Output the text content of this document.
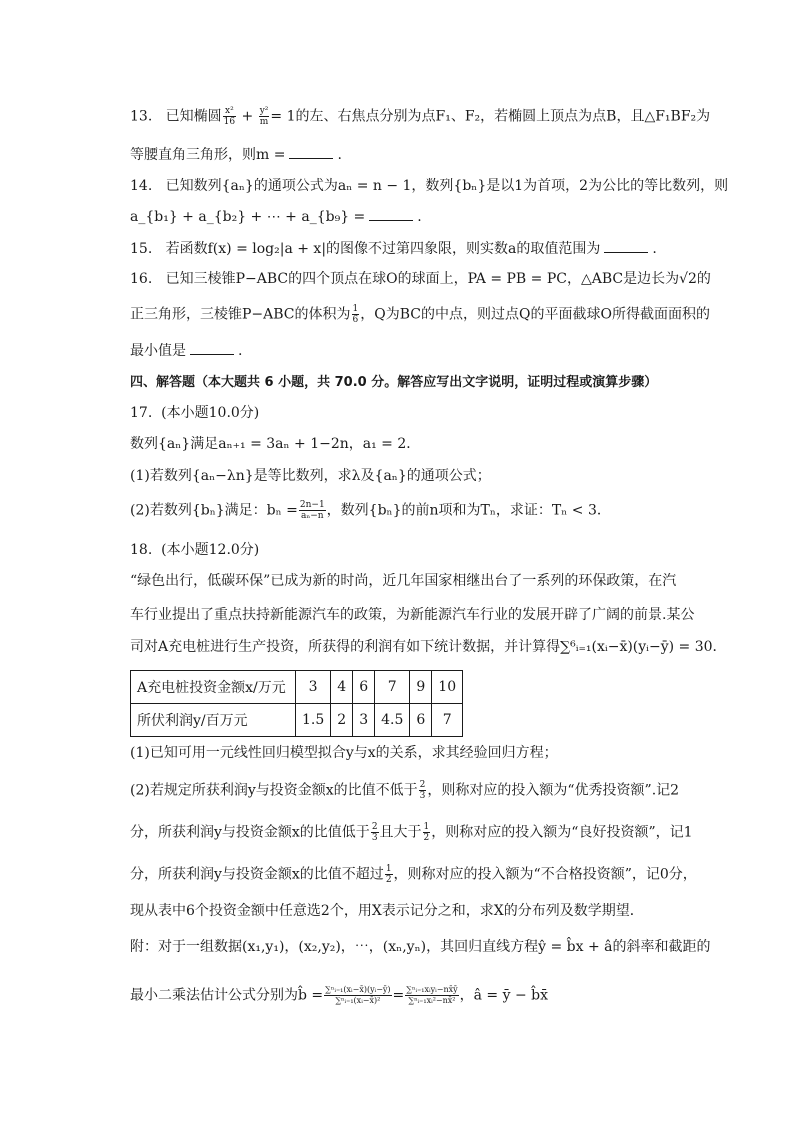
13. 已知椭圆 $\frac{\text{x²}}{16} + \frac{\text{y²}}{m} = 1$的左、右焦点分别为点F₁、F₂，若椭圆上顶点为点B，且△F₁BF₂为
等腰直角三角形，则m =	.
14. 已知数列{aₙ}的通项公式为aₙ = n − 1，数列{bₙ}是以1为首项，2为公比的等比数列，则
a_{b₁} + a_{b₂} + ⋯ + a_{b₉} =	.
15. 若函数f(x) = log₂|a + x|的图像不过第四象限，则实数a的取值范围为	.
16. 已知三棱锥P−ABC的四个顶点在球O的球面上，PA = PB = PC，△ABC是边长为√2的
正三角形，三棱锥P−ABC的体积为 $\frac{1}{6}$ ，Q为BC的中点，则过点Q的平面截球O所得截面面积的
最小值是	.
四、解答题（本大题共 6 小题，共 70.0 分。解答应写出文字说明，证明过程或演算步骤）
17. (本小题10.0分)
数列{aₙ}满足aₙ₊₁ = 3aₙ + 1−2n，a₁ = 2．
(1)若数列{aₙ−λn}是等比数列，求λ及{aₙ}的通项公式；
(2)若数列{bₙ}满足：$b_n = \frac{2n-1}{\text{aₙ−n}}$ ，数列{bₙ}的前n项和为Tₙ，求证：Tₙ < 3．
18. (本小题12.0分)
“绿色出行，低碳环保”已成为新的时尚，近几年国家相继出台了一系列的环保政策，在汽
车行业提出了重点扶持新能源汽车的政策，为新能源汽车行业的发展开辟了广阔的前景.某公
司对A充电桩进行生产投资，所获得的利润有如下统计数据，并计算得∑⁶ᵢ₌₁(xᵢ−x̄)(yᵢ−ȳ) = 30．
A充电桩投资金额x/万元	3	4	6	7	9	10
所伏利润y/百万元	1.5	2	3	4.5	6	7
(1)已知可用一元线性回归模型拟合y与x的关系，求其经验回归方程；
(2)若规定所获利润y与投资金额x的比值不低于 $\frac{2}{3}$ ，则称对应的投入额为“优秀投资额”.记2
分，所获利润y与投资金额x的比值低于 $\frac{2}{3}$ 且大于 $\frac{1}{2}$ ，则称对应的投入额为“良好投资额”，记1
分，所获利润y与投资金额x的比值不超过 $\frac{1}{2}$ ，则称对应的投入额为“不合格投资额”，记0分，
现从表中6个投资金额中任意选2个，用X表示记分之和，求X的分布列及数学期望．
附：对于一组数据(x₁,y₁)，(x₂,y₂)，⋯，(xₙ,yₙ)，其回归直线方程ŷ = b̂x + â的斜率和截距的
最小二乘法估计公式分别为b̂ = $\frac{\text{∑ⁿᵢ₌₁(xᵢ−x̄)(yᵢ−ȳ)}}{\text{∑ⁿᵢ₌₁(xᵢ−x̄)²}} = \frac{\text{∑ⁿᵢ₌₁xᵢyᵢ−nx̄ȳ}}{\text{∑ⁿᵢ₌₁xᵢ²−nx̄²}}$ ，â = ȳ − b̂x̄
